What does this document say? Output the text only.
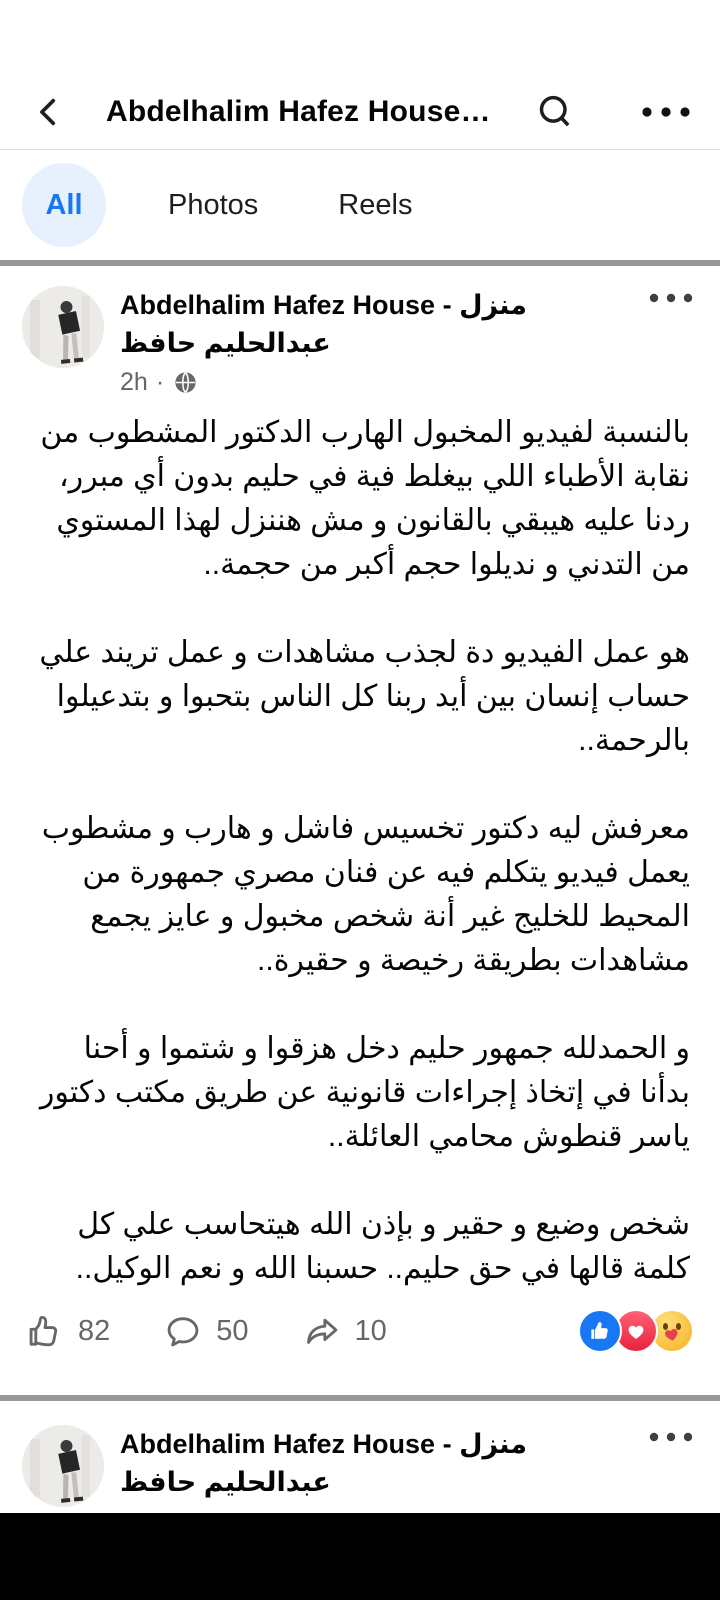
Abdelhalim Hafez House…
All	Photos	Reels
Abdelhalim Hafez House - منزل عبدالحليم حافظ
2h ·

بالنسبة لفيديو المخبول الهارب الدكتور المشطوب من نقابة الأطباء اللي بيغلط فية في حليم بدون أي مبرر، ردنا عليه هيبقي بالقانون و مش هننزل لهذا المستوي من التدني و نديلوا حجم أكبر من حجمة..

هو عمل الفيديو دة لجذب مشاهدات و عمل تريند علي حساب إنسان بين أيد ربنا كل الناس بتحبوا و بتدعيلوا بالرحمة..

معرفش ليه دكتور تخسيس فاشل و هارب و مشطوب يعمل فيديو يتكلم فيه عن فنان مصري جمهورة من المحيط للخليج غير أنة شخص مخبول و عايز يجمع مشاهدات بطريقة رخيصة و حقيرة..

و الحمدلله جمهور حليم دخل هزقوا و شتموا و أحنا بدأنا في إتخاذ إجراءات قانونية عن طريق مكتب دكتور ياسر قنطوش محامي العائلة..

شخص وضيع و حقير و بإذن الله هيتحاسب علي كل كلمة قالها في حق حليم.. حسبنا الله و نعم الوكيل..

82	50	10
Abdelhalim Hafez House - منزل عبدالحليم حافظ
